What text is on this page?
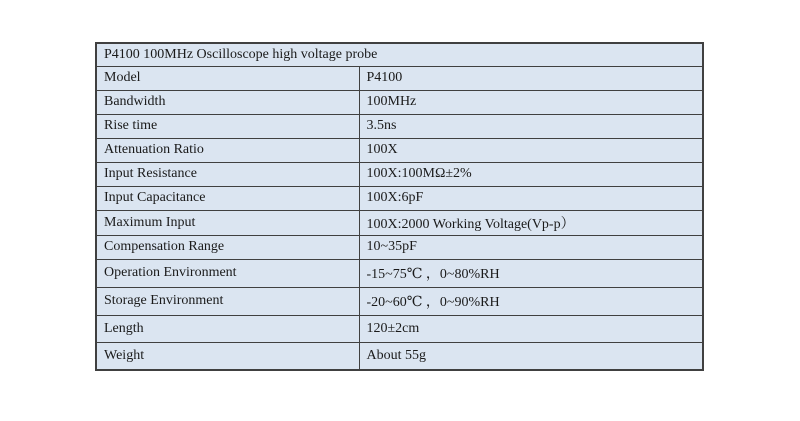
P4100 100MHz Oscilloscope high voltage probe	
Model	P4100
Bandwidth	100MHz
Rise time	3.5ns
Attenuation Ratio	100X
Input Resistance	100X:100MΩ±2%
Input Capacitance	100X:6pF
Maximum Input	100X:2000 Working Voltage(Vp-p）
Compensation Range	10~35pF
Operation Environment	-15~75℃ ，0~80%RH
Storage Environment	-20~60℃ ，0~90%RH
Length	120±2cm
Weight	About 55g
